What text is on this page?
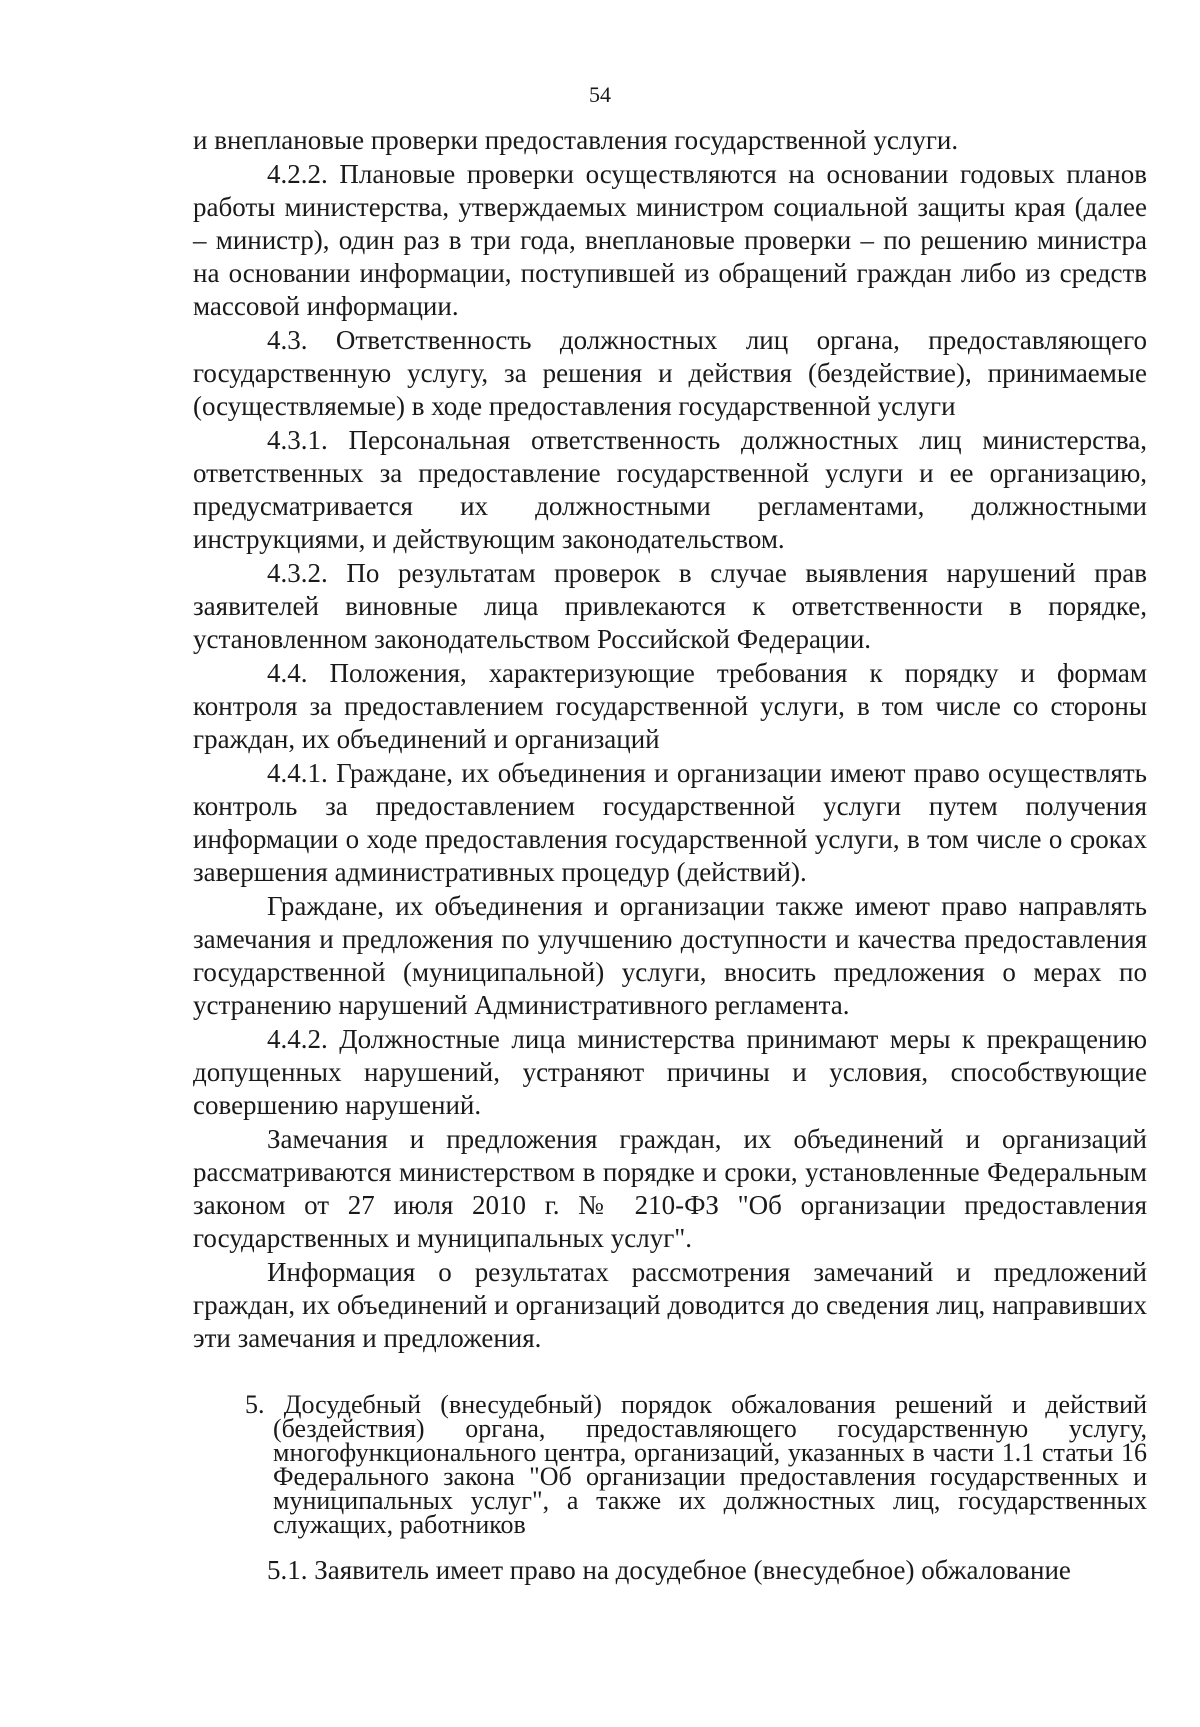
54

и внеплановые проверки предоставления государственной услуги.

4.2.2. Плановые проверки осуществляются на основании годовых планов работы министерства, утверждаемых министром социальной защиты края (далее – министр), один раз в три года, внеплановые проверки – по решению министра на основании информации, поступившей из обращений граждан либо из средств массовой информации.

4.3. Ответственность должностных лиц органа, предоставляющего государственную услугу, за решения и действия (бездействие), принимаемые (осуществляемые) в ходе предоставления государственной услуги

4.3.1. Персональная ответственность должностных лиц министерства, ответственных за предоставление государственной услуги и ее организацию, предусматривается их должностными регламентами, должностными инструкциями, и действующим законодательством.

4.3.2. По результатам проверок в случае выявления нарушений прав заявителей виновные лица привлекаются к ответственности в порядке, установленном законодательством Российской Федерации.

4.4. Положения, характеризующие требования к порядку и формам контроля за предоставлением государственной услуги, в том числе со стороны граждан, их объединений и организаций

4.4.1. Граждане, их объединения и организации имеют право осуществлять контроль за предоставлением государственной услуги путем получения информации о ходе предоставления государственной услуги, в том числе о сроках завершения административных процедур (действий).

Граждане, их объединения и организации также имеют право направлять замечания и предложения по улучшению доступности и качества предоставления государственной (муниципальной) услуги, вносить предложения о мерах по устранению нарушений Административного регламента.

4.4.2. Должностные лица министерства принимают меры к прекращению допущенных нарушений, устраняют причины и условия, способствующие совершению нарушений.

Замечания и предложения граждан, их объединений и организаций рассматриваются министерством в порядке и сроки, установленные Федеральным законом от 27 июля 2010 г. № 210-ФЗ "Об организации предоставления государственных и муниципальных услуг".

Информация о результатах рассмотрения замечаний и предложений граждан, их объединений и организаций доводится до сведения лиц, направивших эти замечания и предложения.

5. Досудебный (внесудебный) порядок обжалования решений и действий (бездействия) органа, предоставляющего государственную услугу, многофункционального центра, организаций, указанных в части 1.1 статьи 16 Федерального закона "Об организации предоставления государственных и муниципальных услуг", а также их должностных лиц, государственных служащих, работников

5.1. Заявитель имеет право на досудебное (внесудебное) обжалование
